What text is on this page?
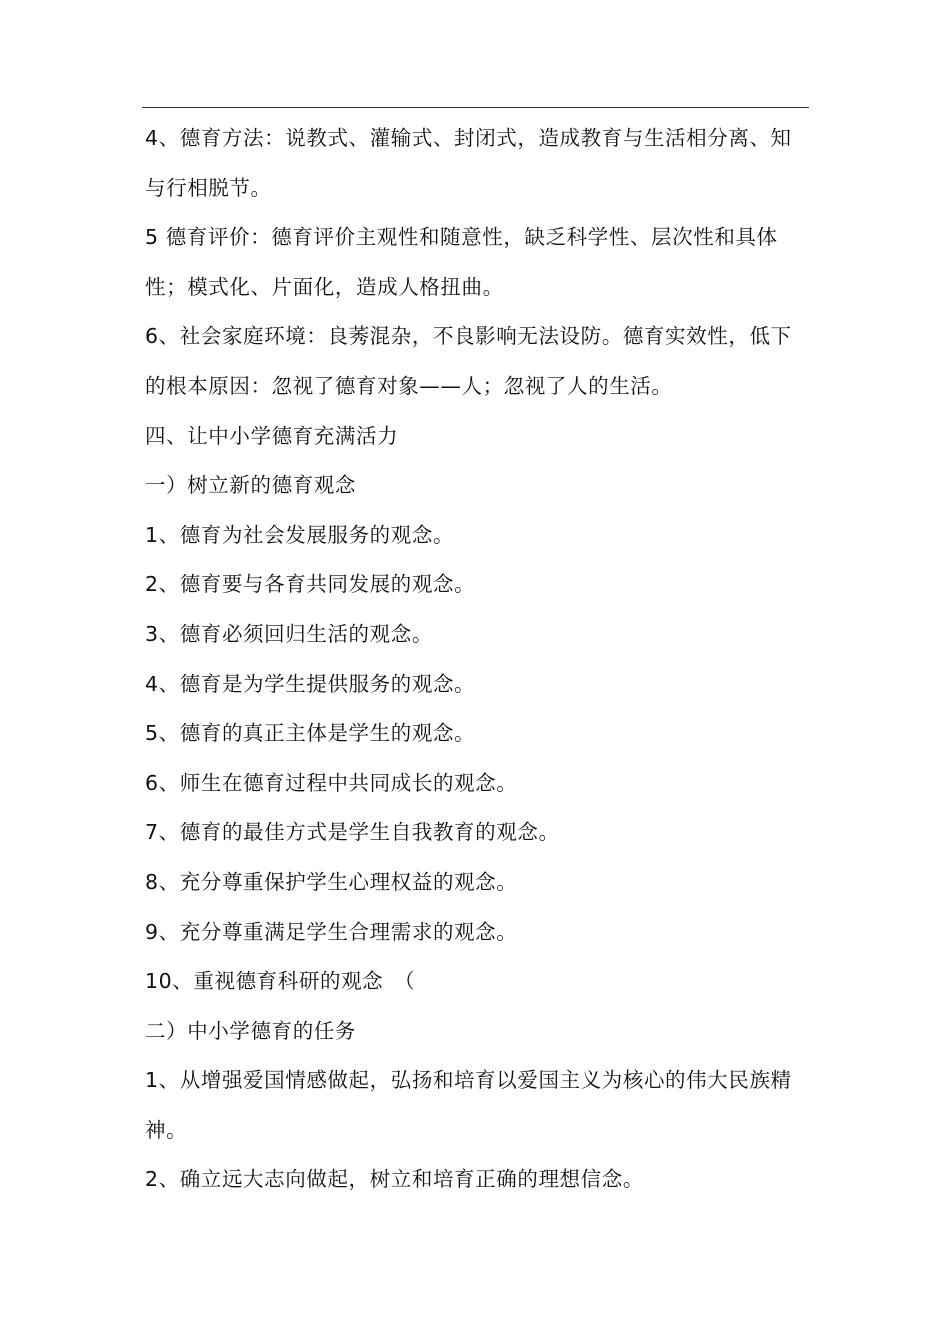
4、德育方法：说教式、灌输式、封闭式，造成教育与生活相分离、知与行相脱节。

5 德育评价：德育评价主观性和随意性，缺乏科学性、层次性和具体性；模式化、片面化，造成人格扭曲。

6、社会家庭环境：良莠混杂，不良影响无法设防。德育实效性，低下的根本原因：忽视了德育对象——人；忽视了人的生活。

四、让中小学德育充满活力

一）树立新的德育观念

1、德育为社会发展服务的观念。

2、德育要与各育共同发展的观念。

3、德育必须回归生活的观念。

4、德育是为学生提供服务的观念。

5、德育的真正主体是学生的观念。

6、师生在德育过程中共同成长的观念。

7、德育的最佳方式是学生自我教育的观念。

8、充分尊重保护学生心理权益的观念。

9、充分尊重满足学生合理需求的观念。

10、重视德育科研的观念　（

二）中小学德育的任务

1、从增强爱国情感做起，弘扬和培育以爱国主义为核心的伟大民族精神。

2、确立远大志向做起，树立和培育正确的理想信念。
